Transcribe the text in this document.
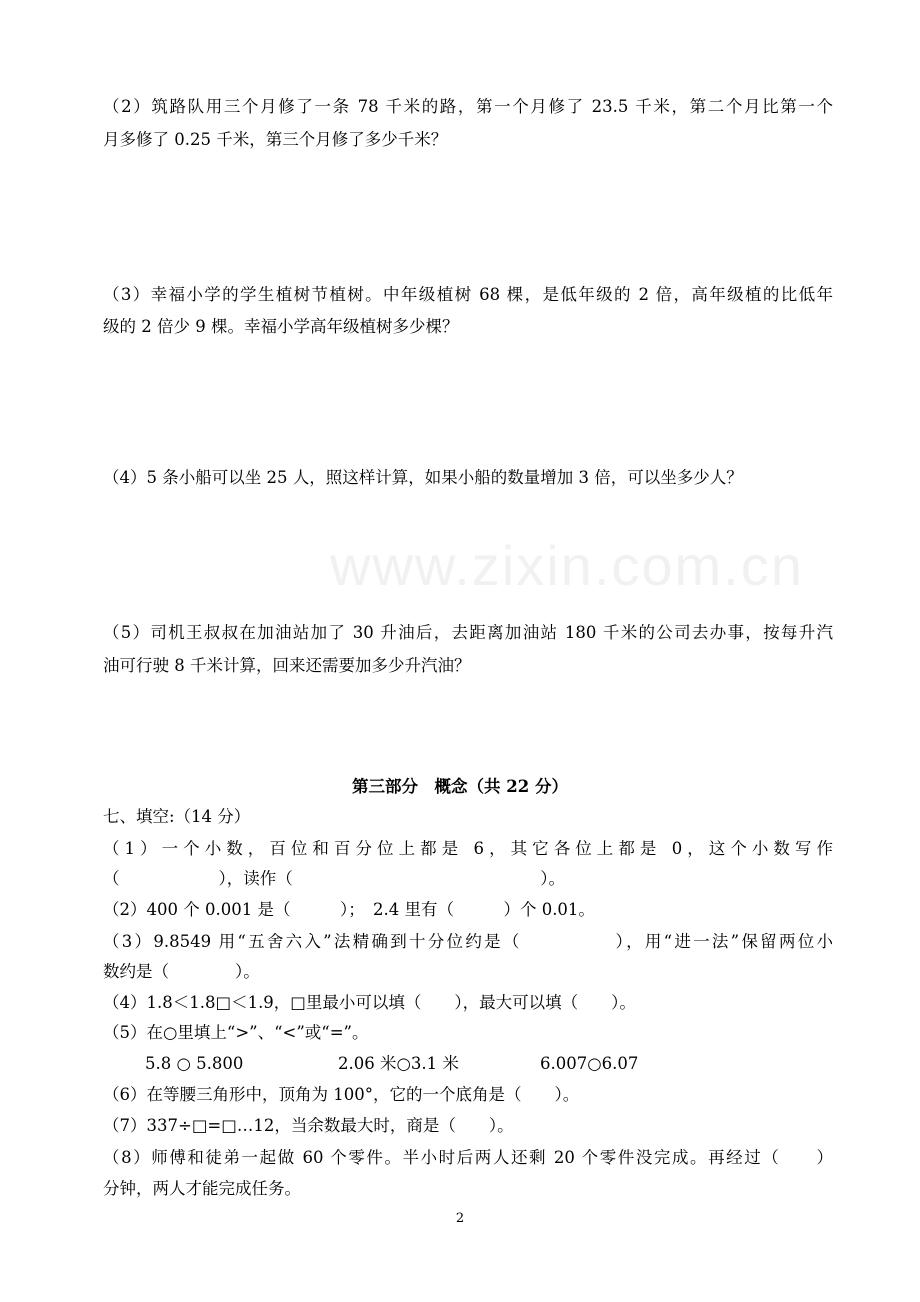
www.zixin.com.cn
（2）筑路队用三个月修了一条 78 千米的路，第一个月修了 23.5 千米，第二个月比第一个
月多修了 0.25 千米，第三个月修了多少千米？
（3）幸福小学的学生植树节植树。中年级植树 68 棵，是低年级的 2 倍，高年级植的比低年
级的 2 倍少 9 棵。幸福小学高年级植树多少棵？
（4）5 条小船可以坐 25 人，照这样计算，如果小船的数量增加 3 倍，可以坐多少人？
（5）司机王叔叔在加油站加了 30 升油后，去距离加油站 180 千米的公司去办事，按每升汽
油可行驶 8 千米计算，回来还需要加多少升汽油？
第三部分　概念（共 22 分）
七、填空:（14 分）
（1）一个小数，百位和百分位上都是 6，其它各位上都是 0，这个小数写作
（　　　　　　），读作（　　　　　　　　　　　　　　　）。
（2）400 个 0.001 是（　　　）；　2.4 里有（　　　）个 0.01。
（3）9.8549 用“五舍六入”法精确到十分位约是（　　　　　），用“进一法”保留两位小
数约是（　　　　）。
（4）1.8＜1.8□＜1.9，□里最小可以填（　　），最大可以填（　　）。
（5）在○里填上“>”、“<”或“=”。
5.8 ○ 5.800	2.06 米○3.1 米	6.007○6.07
（6）在等腰三角形中，顶角为 100°，它的一个底角是（　　）。
（7）337÷□=□…12，当余数最大时，商是（　　）。
（8）师傅和徒弟一起做 60 个零件。半小时后两人还剩 20 个零件没完成。再经过（　　）
分钟，两人才能完成任务。
2
